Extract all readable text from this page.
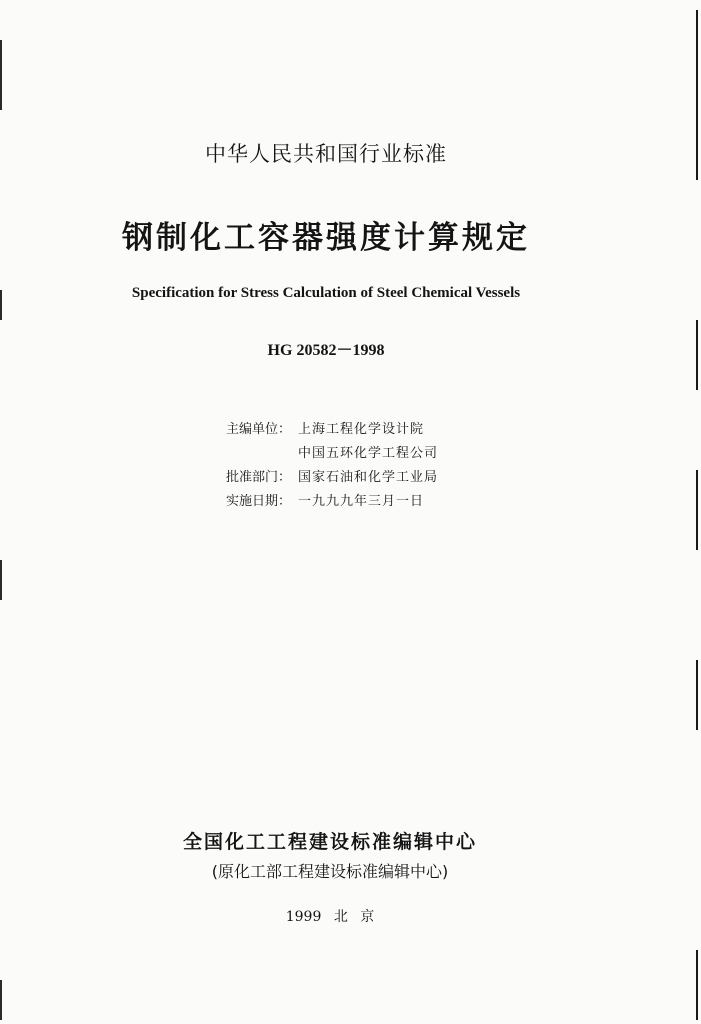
中华人民共和国行业标准
钢制化工容器强度计算规定
Specification for Stress Calculation of Steel Chemical Vessels
HG 20582－1998
主编单位： 上海工程化学设计院
中国五环化学工程公司
批准部门： 国家石油和化学工业局
实施日期： 一九九九年三月一日
全国化工工程建设标准编辑中心
(原化工部工程建设标准编辑中心)
1999 北 京
